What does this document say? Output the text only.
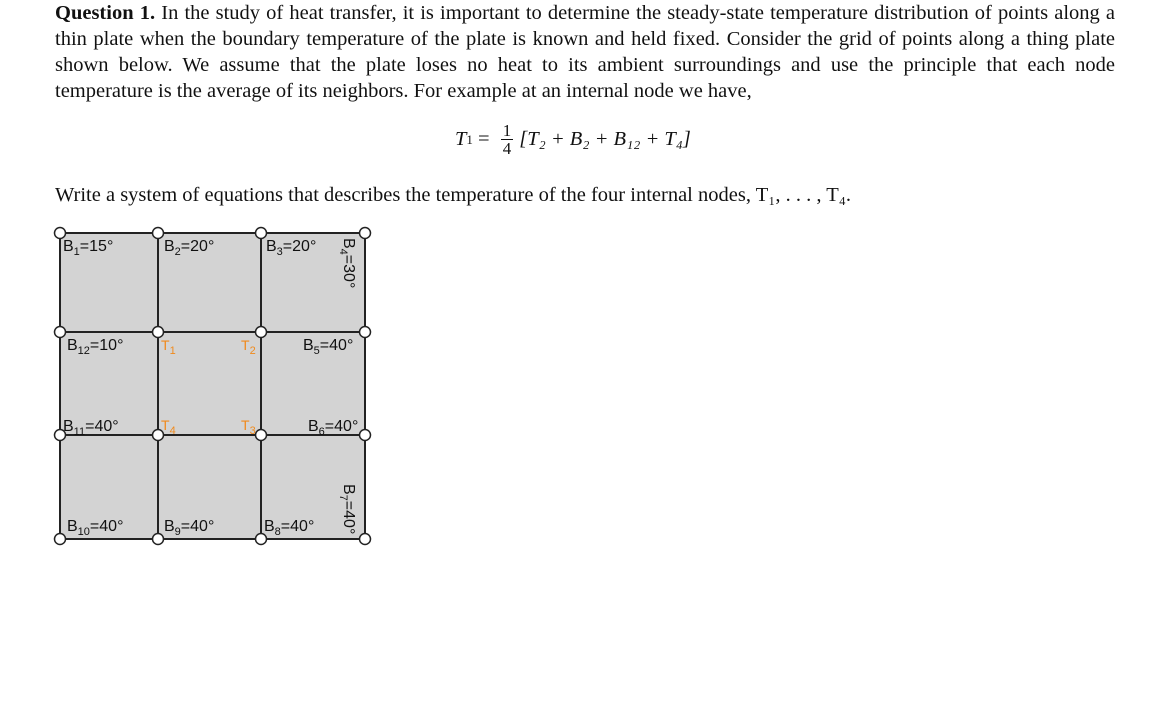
Question 1. In the study of heat transfer, it is important to determine the steady-state temperature distribution of points along a thin plate when the boundary temperature of the plate is known and held fixed. Consider the grid of points along a thing plate shown below. We assume that the plate loses no heat to its ambient surroundings and use the principle that each node temperature is the average of its neighbors. For example at an internal node we have,
T $1 = \frac{1}{4} [T_2 + B_2 + B_{12} + T_4]$
Write a system of equations that describes the temperature of the four internal nodes, T₁, . . . , T₄.
$B_1=15^\circ$	$B_2=20^\circ$	$B_3=20^\circ$ $B_4=30^\circ$
$B_5=40^\circ$
$B_6=40^\circ$
$B_7=40^\circ$
$B_8=40^\circ$
$B_9=40^\circ$
$B_{10}=40^\circ$
$B_{11}=40^\circ$
$B_{12}=10^\circ$	$T_1$	$T_2$
$T_3$
$T_4$
